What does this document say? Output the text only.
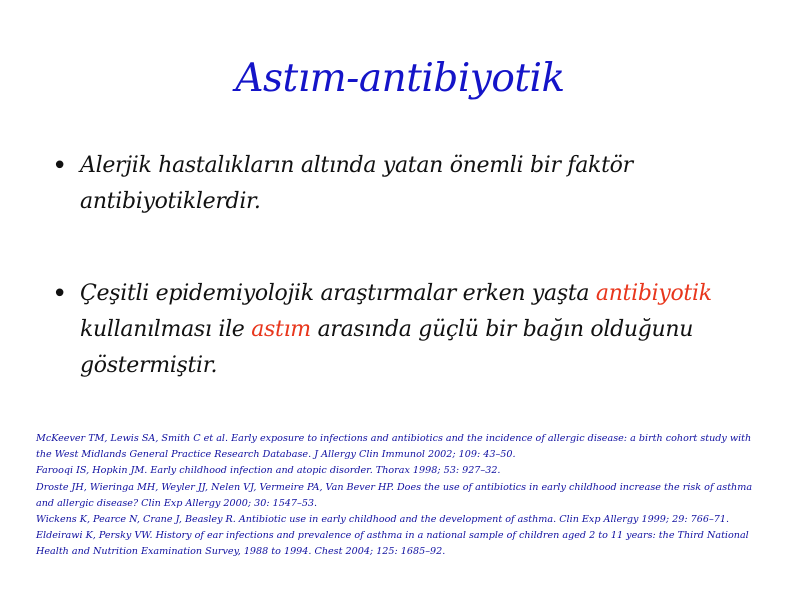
Astım-antibiyotik
• Alerjik hastalıkların altında yatan önemli bir faktör antibiyotiklerdir.
• Çeşitli epidemiyolojik araştırmalar erken yaşta antibiyotik kullanılması ile astım arasında güçlü bir bağın olduğunu göstermiştir.

McKeever TM, Lewis SA, Smith C et al. Early exposure to infections and antibiotics and the incidence of allergic disease: a birth cohort study with the West Midlands General Practice Research Database. J Allergy Clin Immunol 2002; 109: 43–50.

Farooqi IS, Hopkin JM. Early childhood infection and atopic disorder. Thorax 1998; 53: 927–32.

Droste JH, Wieringa MH, Weyler JJ, Nelen VJ, Vermeire PA, Van Bever HP. Does the use of antibiotics in early childhood increase the risk of asthma and allergic disease? Clin Exp Allergy 2000; 30: 1547–53.

Wickens K, Pearce N, Crane J, Beasley R. Antibiotic use in early childhood and the development of asthma. Clin Exp Allergy 1999; 29: 766–71.

Eldeirawi K, Persky VW. History of ear infections and prevalence of asthma in a national sample of children aged 2 to 11 years: the Third National Health and Nutrition Examination Survey, 1988 to 1994. Chest 2004; 125: 1685–92.
